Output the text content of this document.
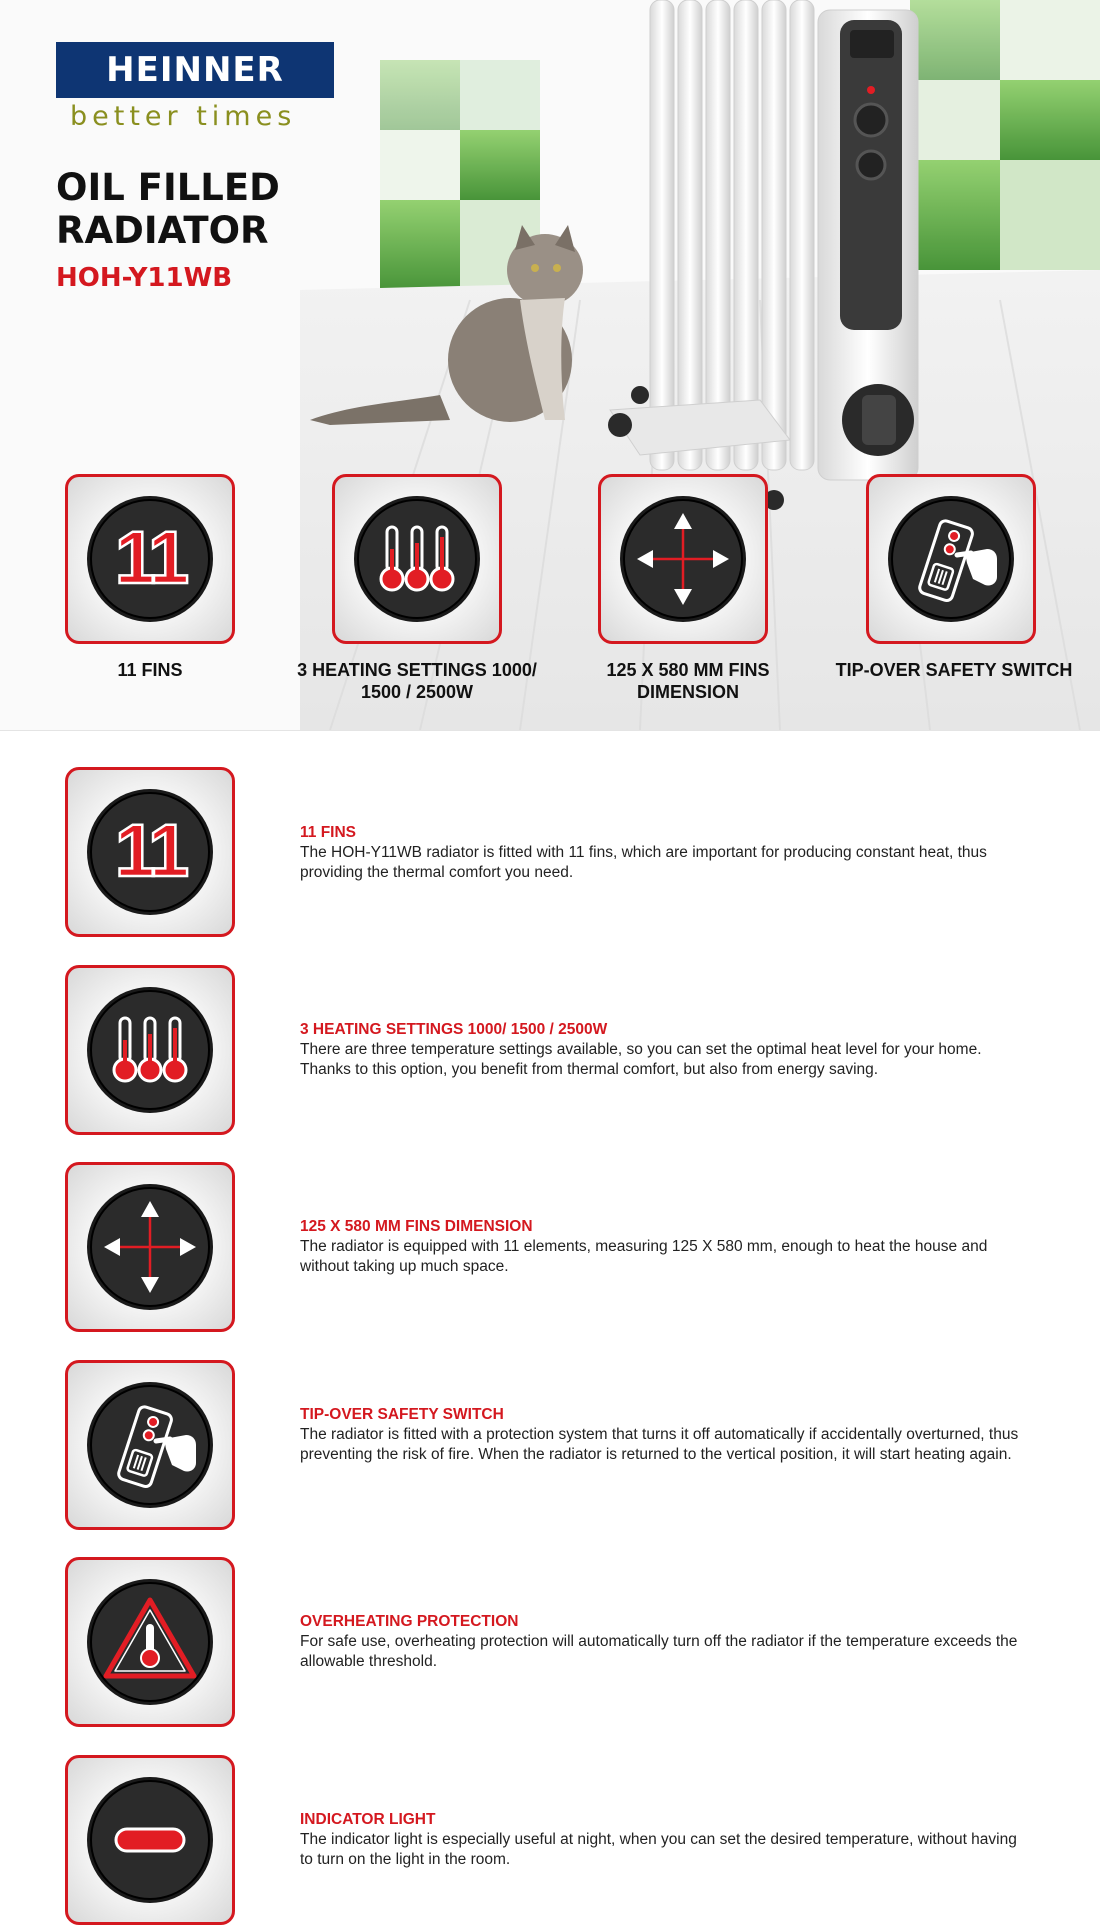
HEINNER
better times
OIL FILLED
RADIATOR
HOH-Y11WB
11 FINS	3 HEATING SETTINGS 1000/ 1500 / 2500W
125 X 580 MM FINS DIMENSION
TIP-OVER SAFETY SWITCH
11 FINS
The HOH-Y11WB radiator is fitted with 11 fins, which are important for producing constant heat, thus providing the thermal comfort you need.
3 HEATING SETTINGS 1000/ 1500 / 2500W
There are three temperature settings available, so you can set the optimal heat level for your home. Thanks to this option, you benefit from thermal comfort, but also from energy saving.
125 X 580 MM FINS DIMENSION
The radiator is equipped with 11 elements, measuring 125 X 580 mm, enough to heat the house and without taking up much space.
TIP-OVER SAFETY SWITCH
The radiator is fitted with a protection system that turns it off automatically if accidentally overturned, thus preventing the risk of fire. When the radiator is returned to the vertical position, it will start heating again.
OVERHEATING PROTECTION
For safe use, overheating protection will automatically turn off the radiator if the temperature exceeds the allowable threshold.
INDICATOR LIGHT
The indicator light is especially useful at night, when you can set the desired temperature, without having to turn on the light in the room.
